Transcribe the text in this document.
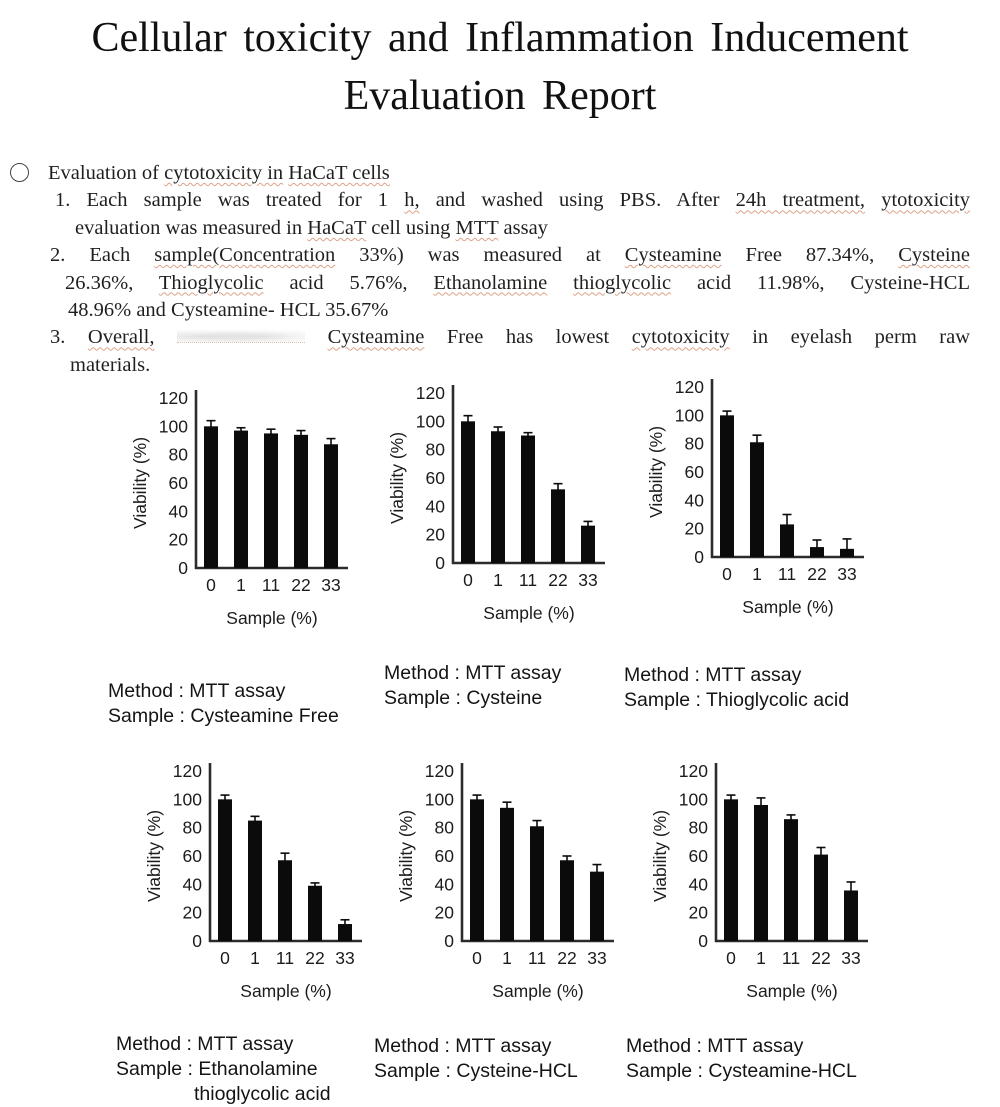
Cellular toxicity and Inflammation Inducement
Evaluation Report
Evaluation of cytotoxicity in HaCaT cells
1. Each sample was treated for 1 h, and washed using PBS. After 24h treatment, ytotoxicity
evaluation was measured in HaCaT cell using MTT assay
2. Each sample(Concentration 33%) was measured at Cysteamine Free 87.34%, Cysteine
26.36%, Thioglycolic acid 5.76%, Ethanolamine thioglycolic acid 11.98%, Cysteine-HCL
48.96% and Cysteamine- HCL 35.67%
3. Overall,	Cysteamine Free has lowest cytotoxicity in eyelash perm raw
materials.
0
20
40
60
80
100
120
Viability (%)
0 1 11 22 33
Sample (%)
0
20
40
60
80
100
120
Viability (%)
0 1 11 22 33
Sample (%)
0
20
40
60
80
100
120
Viability (%)
0 1 11 22 33
Sample (%)
0
20
40
60
80
100
120
Viability (%)
0 1 11 22 33
Sample (%)
0
20
40
60
80
100
120
Viability (%)
0 1 11 22 33
Sample (%)
0
20
40
60
80
100
120
Viability (%)
0 1 11 22 33
Sample (%)
Method : MTT assay
Sample : Cysteamine Free
Method : MTT assay
Sample : Cysteine
Method : MTT assay
Sample : Thioglycolic acid
Method : MTT assay
Sample : Ethanolamine
thioglycolic acid
Method : MTT assay
Sample : Cysteine-HCL
Method : MTT assay
Sample : Cysteamine-HCL
